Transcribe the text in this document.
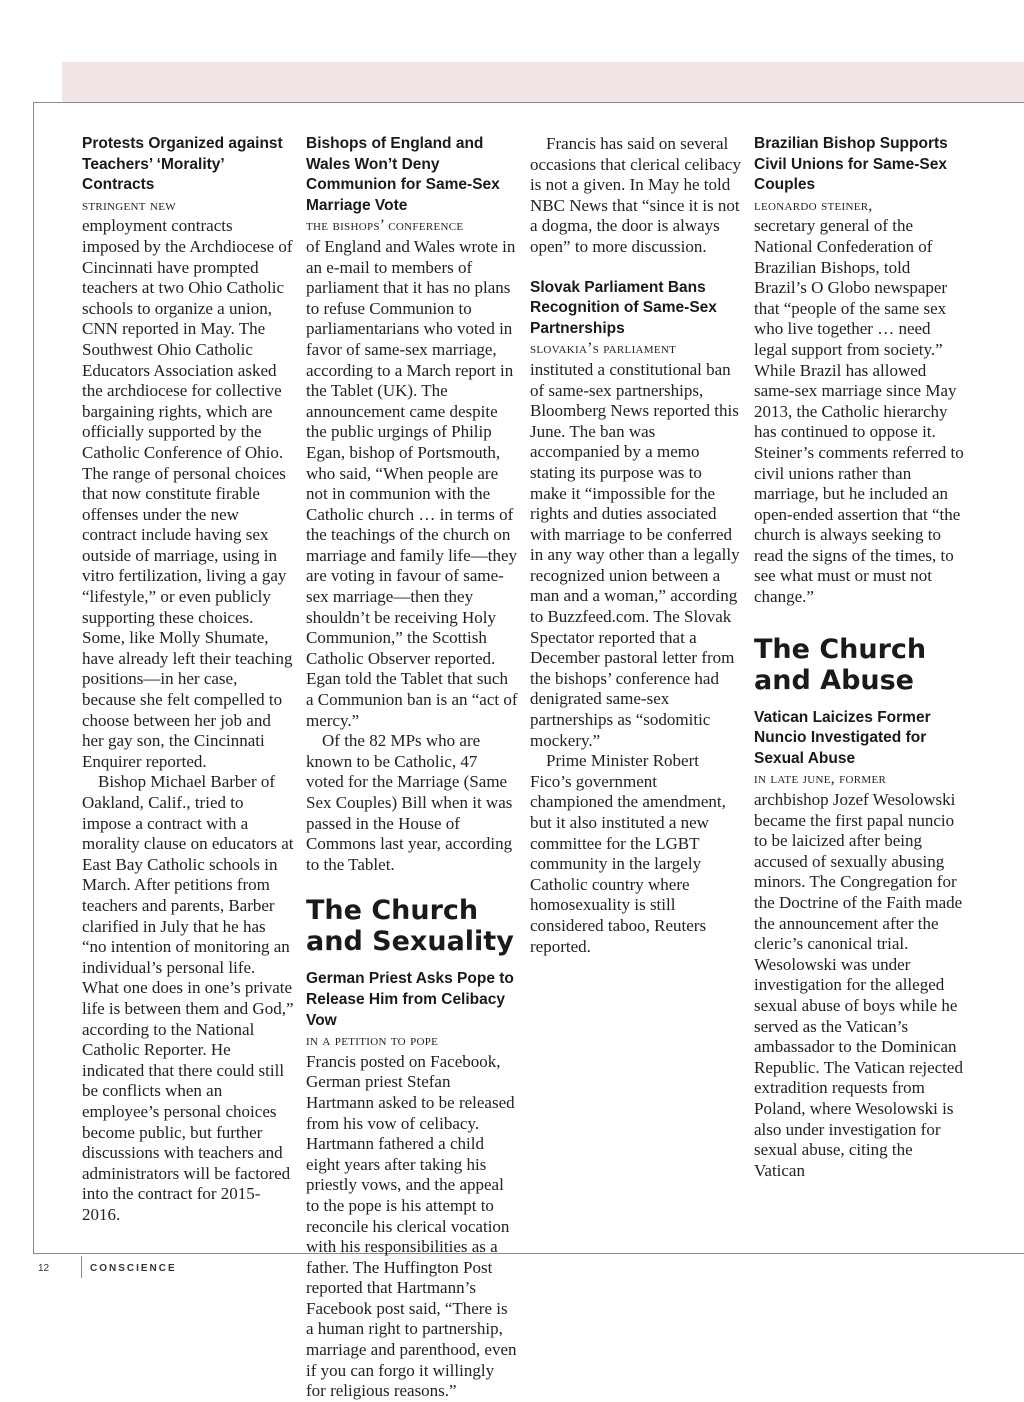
Protests Organized against Teachers’ ‘Morality’ Contracts
stringent new

employment contracts imposed by the Archdiocese of Cincinnati have prompted teachers at two Ohio Catholic schools to organize a union, CNN reported in May. The Southwest Ohio Catholic Educators Association asked the archdiocese for collective bargaining rights, which are officially supported by the Catholic Conference of Ohio. The range of personal choices that now constitute firable offenses under the new contract include having sex outside of marriage, using in vitro fertilization, living a gay “lifestyle,” or even publicly supporting these choices. Some, like Molly Shumate, have already left their teaching positions—in her case, because she felt compelled to choose between her job and her gay son, the Cincinnati Enquirer reported.

Bishop Michael Barber of Oakland, Calif., tried to impose a contract with a morality clause on educators at East Bay Catholic schools in March. After petitions from teachers and parents, Barber clarified in July that he has “no intention of monitoring an individual’s personal life. What one does in one’s private life is between them and God,” according to the National Catholic Reporter. He indicated that there could still be conflicts when an employee’s personal choices become public, but further discussions with teachers and administrators will be factored into the contract for 2015-2016.

Bishops of England and Wales Won’t Deny Communion for Same-Sex Marriage Vote
the bishops’ conference

of England and Wales wrote in an e-mail to members of parliament that it has no plans to refuse Communion to parliamentarians who voted in favor of same-sex marriage, according to a March report in the Tablet (UK). The announcement came despite the public urgings of Philip Egan, bishop of Portsmouth, who said, “When people are not in communion with the Catholic church … in terms of the teachings of the church on marriage and family life—they are voting in favour of same-sex marriage—then they shouldn’t be receiving Holy Communion,” the Scottish Catholic Observer reported. Egan told the Tablet that such a Communion ban is an “act of mercy.”

Of the 82 MPs who are known to be Catholic, 47 voted for the Marriage (Same Sex Couples) Bill when it was passed in the House of Commons last year, according to the Tablet.

The Church and Sexuality
German Priest Asks Pope to Release Him from Celibacy Vow
in a petition to pope

Francis posted on Facebook, German priest Stefan Hartmann asked to be released from his vow of celibacy. Hartmann fathered a child eight years after taking his priestly vows, and the appeal to the pope is his attempt to reconcile his clerical vocation with his responsibilities as a father. The Huffington Post reported that Hartmann’s Facebook post said, “There is a human right to partnership, marriage and parenthood, even if you can forgo it willingly for religious reasons.”

Francis has said on several occasions that clerical celibacy is not a given. In May he told NBC News that “since it is not a dogma, the door is always open” to more discussion.

Slovak Parliament Bans Recognition of Same-Sex Partnerships
slovakia’s parliament

instituted a constitutional ban of same-sex partnerships, Bloomberg News reported this June. The ban was accompanied by a memo stating its purpose was to make it “impossible for the rights and duties associated with marriage to be conferred in any way other than a legally recognized union between a man and a woman,” according to Buzzfeed.com. The Slovak Spectator reported that a December pastoral letter from the bishops’ conference had denigrated same-sex partnerships as “sodomitic mockery.”

Prime Minister Robert Fico’s government championed the amendment, but it also instituted a new committee for the LGBT community in the largely Catholic country where homosexuality is still considered taboo, Reuters reported.

Brazilian Bishop Supports Civil Unions for Same-Sex Couples
leonardo steiner,

secretary general of the National Confederation of Brazilian Bishops, told Brazil’s O Globo newspaper that “people of the same sex who live together … need legal support from society.” While Brazil has allowed same-sex marriage since May 2013, the Catholic hierarchy has continued to oppose it. Steiner’s comments referred to civil unions rather than marriage, but he included an open-ended assertion that “the church is always seeking to read the signs of the times, to see what must or must not change.”

The Church and Abuse
Vatican Laicizes Former Nuncio Investigated for Sexual Abuse
in late june, former

archbishop Jozef Wesolowski became the first papal nuncio to be laicized after being accused of sexually abusing minors. The Congregation for the Doctrine of the Faith made the announcement after the cleric’s canonical trial. Wesolowski was under investigation for the alleged sexual abuse of boys while he served as the Vatican’s ambassador to the Dominican Republic. The Vatican rejected extradition requests from Poland, where Wesolowski is also under investigation for sexual abuse, citing the Vatican

12	CONSCIENCE
